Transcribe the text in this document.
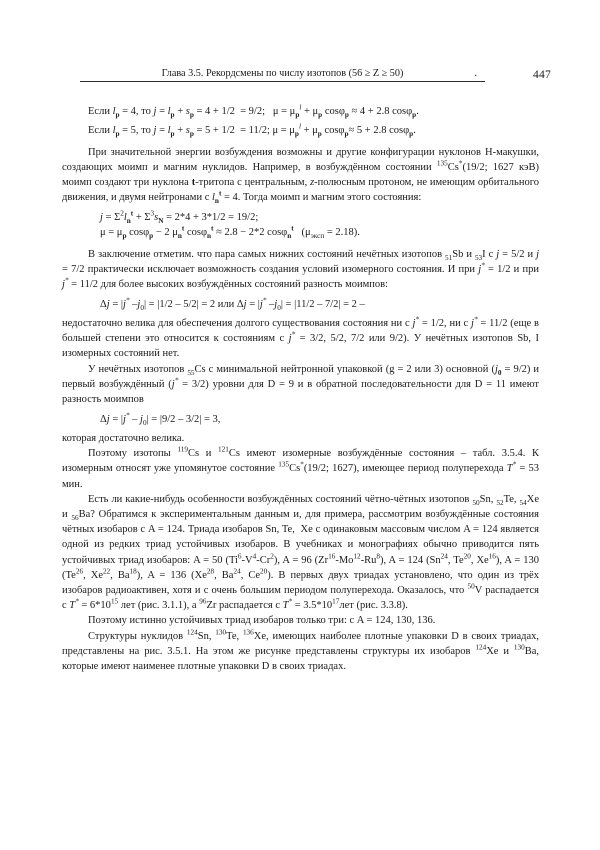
Глава 3.5. Рекордсмены по числу изотопов (56 ≥ Z ≥ 50)	.	447

Если $l_p = 4$, то $j = l_p + s_p = 4 + 1/2 = 9/2$;   $\mu = \mu_p^l + \mu_p$ cosφ$_p$ ≈ 4 + 2.8 cosφ$_p$.

Если $l_p = 5$, то $j = l_p + s_p = 5 + 1/2 = 11/2$; $\mu = \mu_p^l + \mu_p$ cosφ$_p$≈ 5 + 2.8 cosφ$_p$.

При значительной энергии возбуждения возможны и другие конфигурации нуклонов Н-макушки, создающих моимп и магним нуклидов. Например, в возбуждённом состоянии $^{135}$Cs*(19/2; 1627 кэВ) моимп создают три нуклона t-тритопа с центральным, z-полюсным протоном, не имеющим орбитального движения, и двумя нейтронами с $l_n^t = 4$. Тогда моимп и магним этого состояния:

$j = \Sigma^2l_n^t + \Sigma^3s_N = 2*4 + 3*1/2 = 19/2$;

$\mu = \mu_p$ cosφ$_p$ − 2 $\mu_n^t$ cosφ$_n^t$ ≈ 2.8 − 2*2 cosφ$_n^t$   $(\mu_{эксп} = 2.18)$.

В заключение отметим. что пара самых нижних состояний нечётных изотопов $_{51}$Sb и $_{53}$I с j = 5/2 и j = 7/2 практически исключает возможность создания условий изомерного состояния. И при j* = 1/2 и при j* = 11/2 для более высоких возбуждённых состояний разность моимпов:

Δj = |j* $-j_0| = |1/2 - 5/2| = 2$ или Δj = |j* $-j_0| = |11/2 - 7/2| = 2$ –

недостаточно велика для обеспечения долгого существования состояния ни с j* = 1/2, ни с j* = 11/2 (еще в большей степени это относится к состояниям с j* = 3/2, 5/2, 7/2 или 9/2). У нечётных изотопов Sb, I изомерных состояний нет.

У нечётных изотопов $_{55}$Cs с минимальной нейтронной упаковкой (g = 2 или 3) основной $(j_0 = 9/2)$ и первый возбуждённый (j* = 3/2) уровни для D = 9 и в обратной последовательности для D = 11 имеют разность моимпов

$\Delta j = |j^* - j_0| = |9/2 - 3/2| = 3$,

которая достаточно велика.

Поэтому изотопы $^{119}$Cs и $^{121}$Cs имеют изомерные возбуждённые состояния – табл. 3.5.4. К изомерным относят уже упомянутое состояние $^{135}$Cs*(19/2; 1627), имеющее период полуперехода T* = 53 мин.

Есть ли какие-нибудь особенности возбуждённых состояний чётно-чётных изотопов $_{50}$Sn, $_{52}$Te, $_{54}$Xe и $_{56}$Ba? Обратимся к экспериментальным данным и, для примера, рассмотрим возбуждённые состояния чётных изобаров с A = 124. Триада изобаров Sn, Te,  Xe с одинаковым массовым числом A = 124 является одной из редких триад устойчивых изобаров. В учебниках и монографиях обычно приводится пять устойчивых триад изобаров: A = 50 $(Ti^6-V^4-Cr^2)$, A = 96 (Zr$^{16}$-Mo$^{12}$-Ru$^8$), A = 124 (Sn$^{24}$, Te$^{20}$, Xe$^{16}$), A = 130 (Te$^{26}$, Xe$^{22}$, Ba$^{18}$), A = 136 (Xe$^{28}$, Ba$^{24}$, Ce$^{20}$). В первых двух триадах установлено, что один из трёх изобаров радиоактивен, хотя и с очень большим периодом полуперехода. Оказалось, что $^{50}$V распадается с $T^* = 6*10^{15}$ лет (рис. 3.1.1), а $^{96}$Zr распадается с $T^* = 3.5*10^{17}лет$ (рис. 3.3.8).

Поэтому истинно устойчивых триад изобаров только три: с A = 124, 130, 136.

Структуры нуклидов $^{124}$Sn, $^{130}$Te, $^{136}$Xe, имеющих наиболее плотные упаковки D в своих триадах, представлены на рис. 3.5.1. На этом же рисунке представлены структуры их изобаров $^{124}$Xe и $^{130}$Ba, которые имеют наименее плотные упаковки D в своих триадах.
